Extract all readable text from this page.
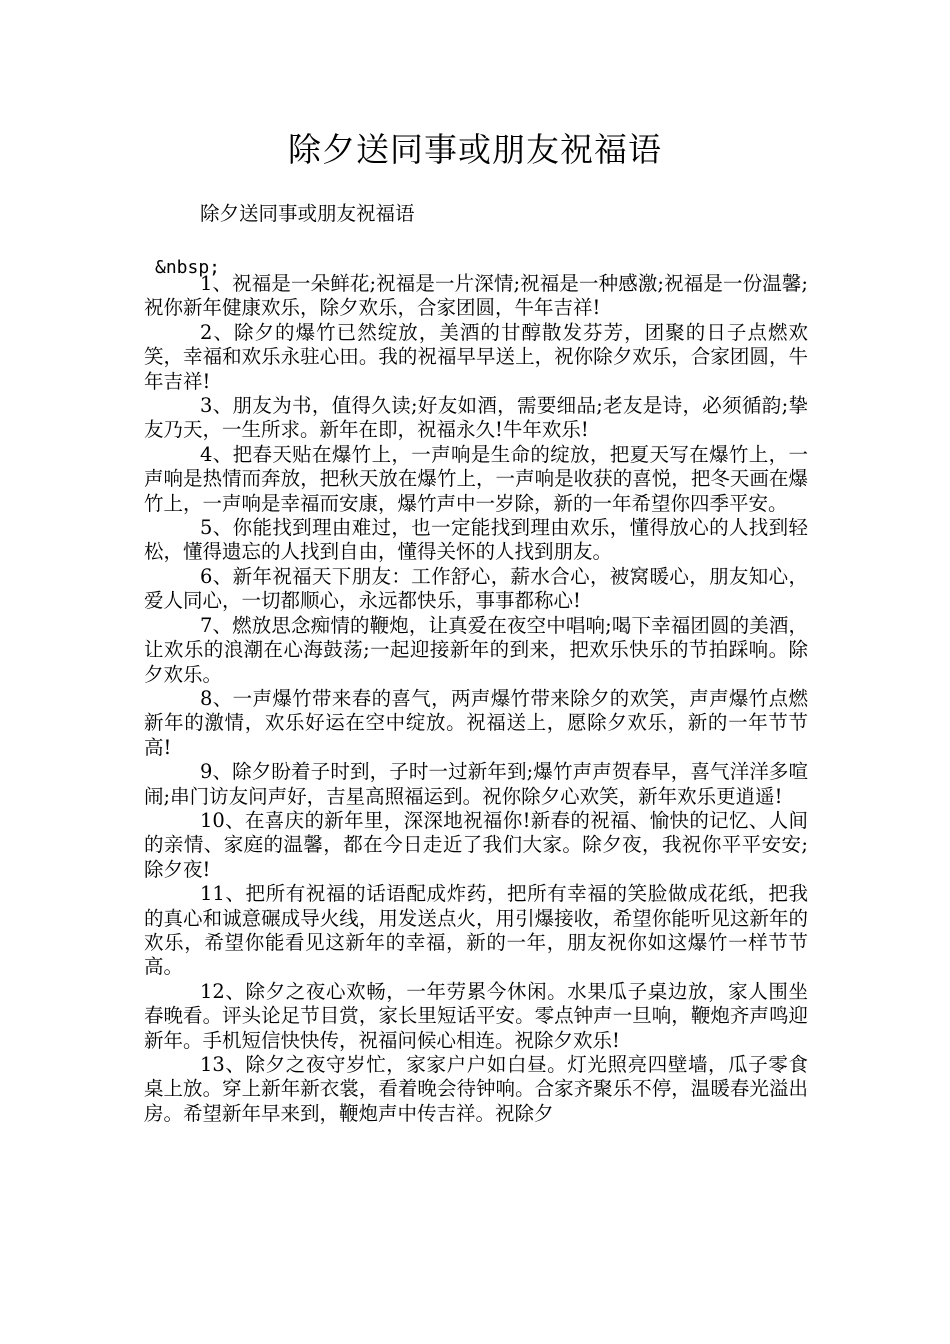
除夕送同事或朋友祝福语

除夕送同事或朋友祝福语

&nbsp;

1、祝福是一朵鲜花;祝福是一片深情;祝福是一种感激;祝福是一份温馨;祝你新年健康欢乐，除夕欢乐，合家团圆，牛年吉祥!

2、除夕的爆竹已然绽放，美酒的甘醇散发芬芳，团聚的日子点燃欢笑，幸福和欢乐永驻心田。我的祝福早早送上，祝你除夕欢乐，合家团圆，牛年吉祥!

3、朋友为书，值得久读;好友如酒，需要细品;老友是诗，必须循韵;挚友乃天，一生所求。新年在即，祝福永久!牛年欢乐!

4、把春天贴在爆竹上，一声响是生命的绽放，把夏天写在爆竹上，一声响是热情而奔放，把秋天放在爆竹上，一声响是收获的喜悦，把冬天画在爆竹上，一声响是幸福而安康，爆竹声中一岁除，新的一年希望你四季平安。

5、你能找到理由难过，也一定能找到理由欢乐，懂得放心的人找到轻松，懂得遗忘的人找到自由，懂得关怀的人找到朋友。

6、新年祝福天下朋友：工作舒心，薪水合心，被窝暖心，朋友知心，爱人同心，一切都顺心，永远都快乐，事事都称心!

7、燃放思念痴情的鞭炮，让真爱在夜空中唱响;喝下幸福团圆的美酒，让欢乐的浪潮在心海鼓荡;一起迎接新年的到来，把欢乐快乐的节拍踩响。除夕欢乐。

8、一声爆竹带来春的喜气，两声爆竹带来除夕的欢笑，声声爆竹点燃新年的激情，欢乐好运在空中绽放。祝福送上，愿除夕欢乐，新的一年节节高!

9、除夕盼着子时到，子时一过新年到;爆竹声声贺春早，喜气洋洋多喧闹;串门访友问声好，吉星高照福运到。祝你除夕心欢笑，新年欢乐更逍遥!

10、在喜庆的新年里，深深地祝福你!新春的祝福、愉快的记忆、人间的亲情、家庭的温馨，都在今日走近了我们大家。除夕夜，我祝你平平安安;除夕夜!

11、把所有祝福的话语配成炸药，把所有幸福的笑脸做成花纸，把我的真心和诚意碾成导火线，用发送点火，用引爆接收，希望你能听见这新年的欢乐，希望你能看见这新年的幸福，新的一年，朋友祝你如这爆竹一样节节高。

12、除夕之夜心欢畅，一年劳累今休闲。水果瓜子桌边放，家人围坐春晚看。评头论足节目赏，家长里短话平安。零点钟声一旦响，鞭炮齐声鸣迎新年。手机短信快快传，祝福问候心相连。祝除夕欢乐!

13、除夕之夜守岁忙，家家户户如白昼。灯光照亮四壁墙，瓜子零食桌上放。穿上新年新衣裳，看着晚会待钟响。合家齐聚乐不停，温暖春光溢出房。希望新年早来到，鞭炮声中传吉祥。祝除夕
